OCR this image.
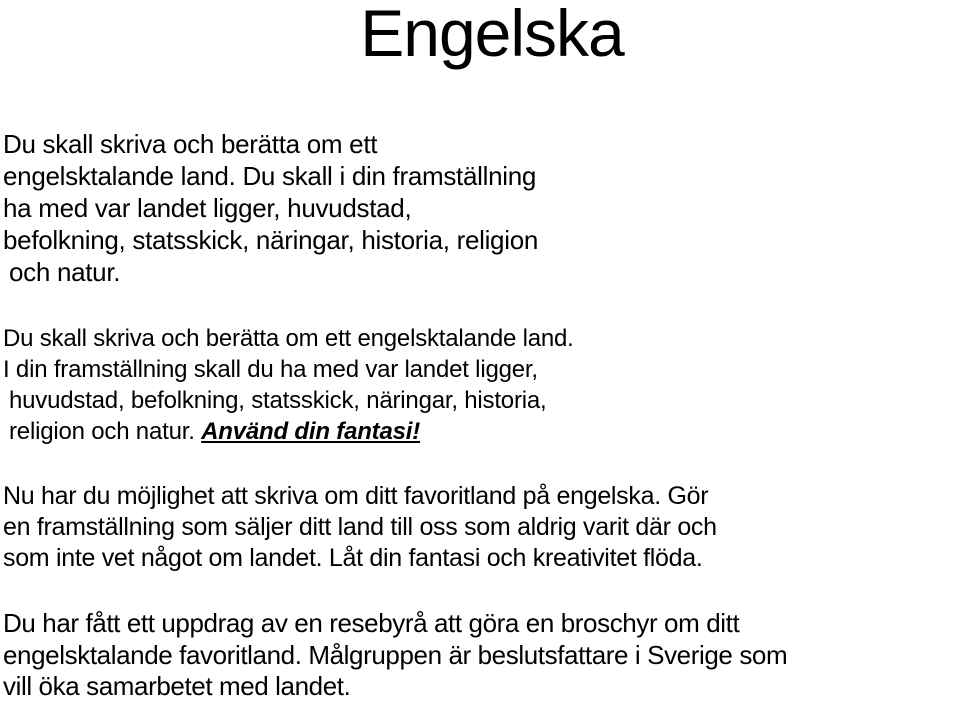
Engelska

Du skall skriva och berätta om ett
engelsktalande land. Du skall i din framställning
ha med var landet ligger, huvudstad,
befolkning, statsskick, näringar, historia, religion
och natur.

Du skall skriva och berätta om ett engelsktalande land.
I din framställning skall du ha med var landet ligger,
huvudstad, befolkning, statsskick, näringar, historia,
religion och natur. Använd din fantasi!

Nu har du möjlighet att skriva om ditt favoritland på engelska. Gör
en framställning som säljer ditt land till oss som aldrig varit där och
som inte vet något om landet. Låt din fantasi och kreativitet flöda.

Du har fått ett uppdrag av en resebyrå att göra en broschyr om ditt
engelsktalande favoritland. Målgruppen är beslutsfattare i Sverige som
vill öka samarbetet med landet.
